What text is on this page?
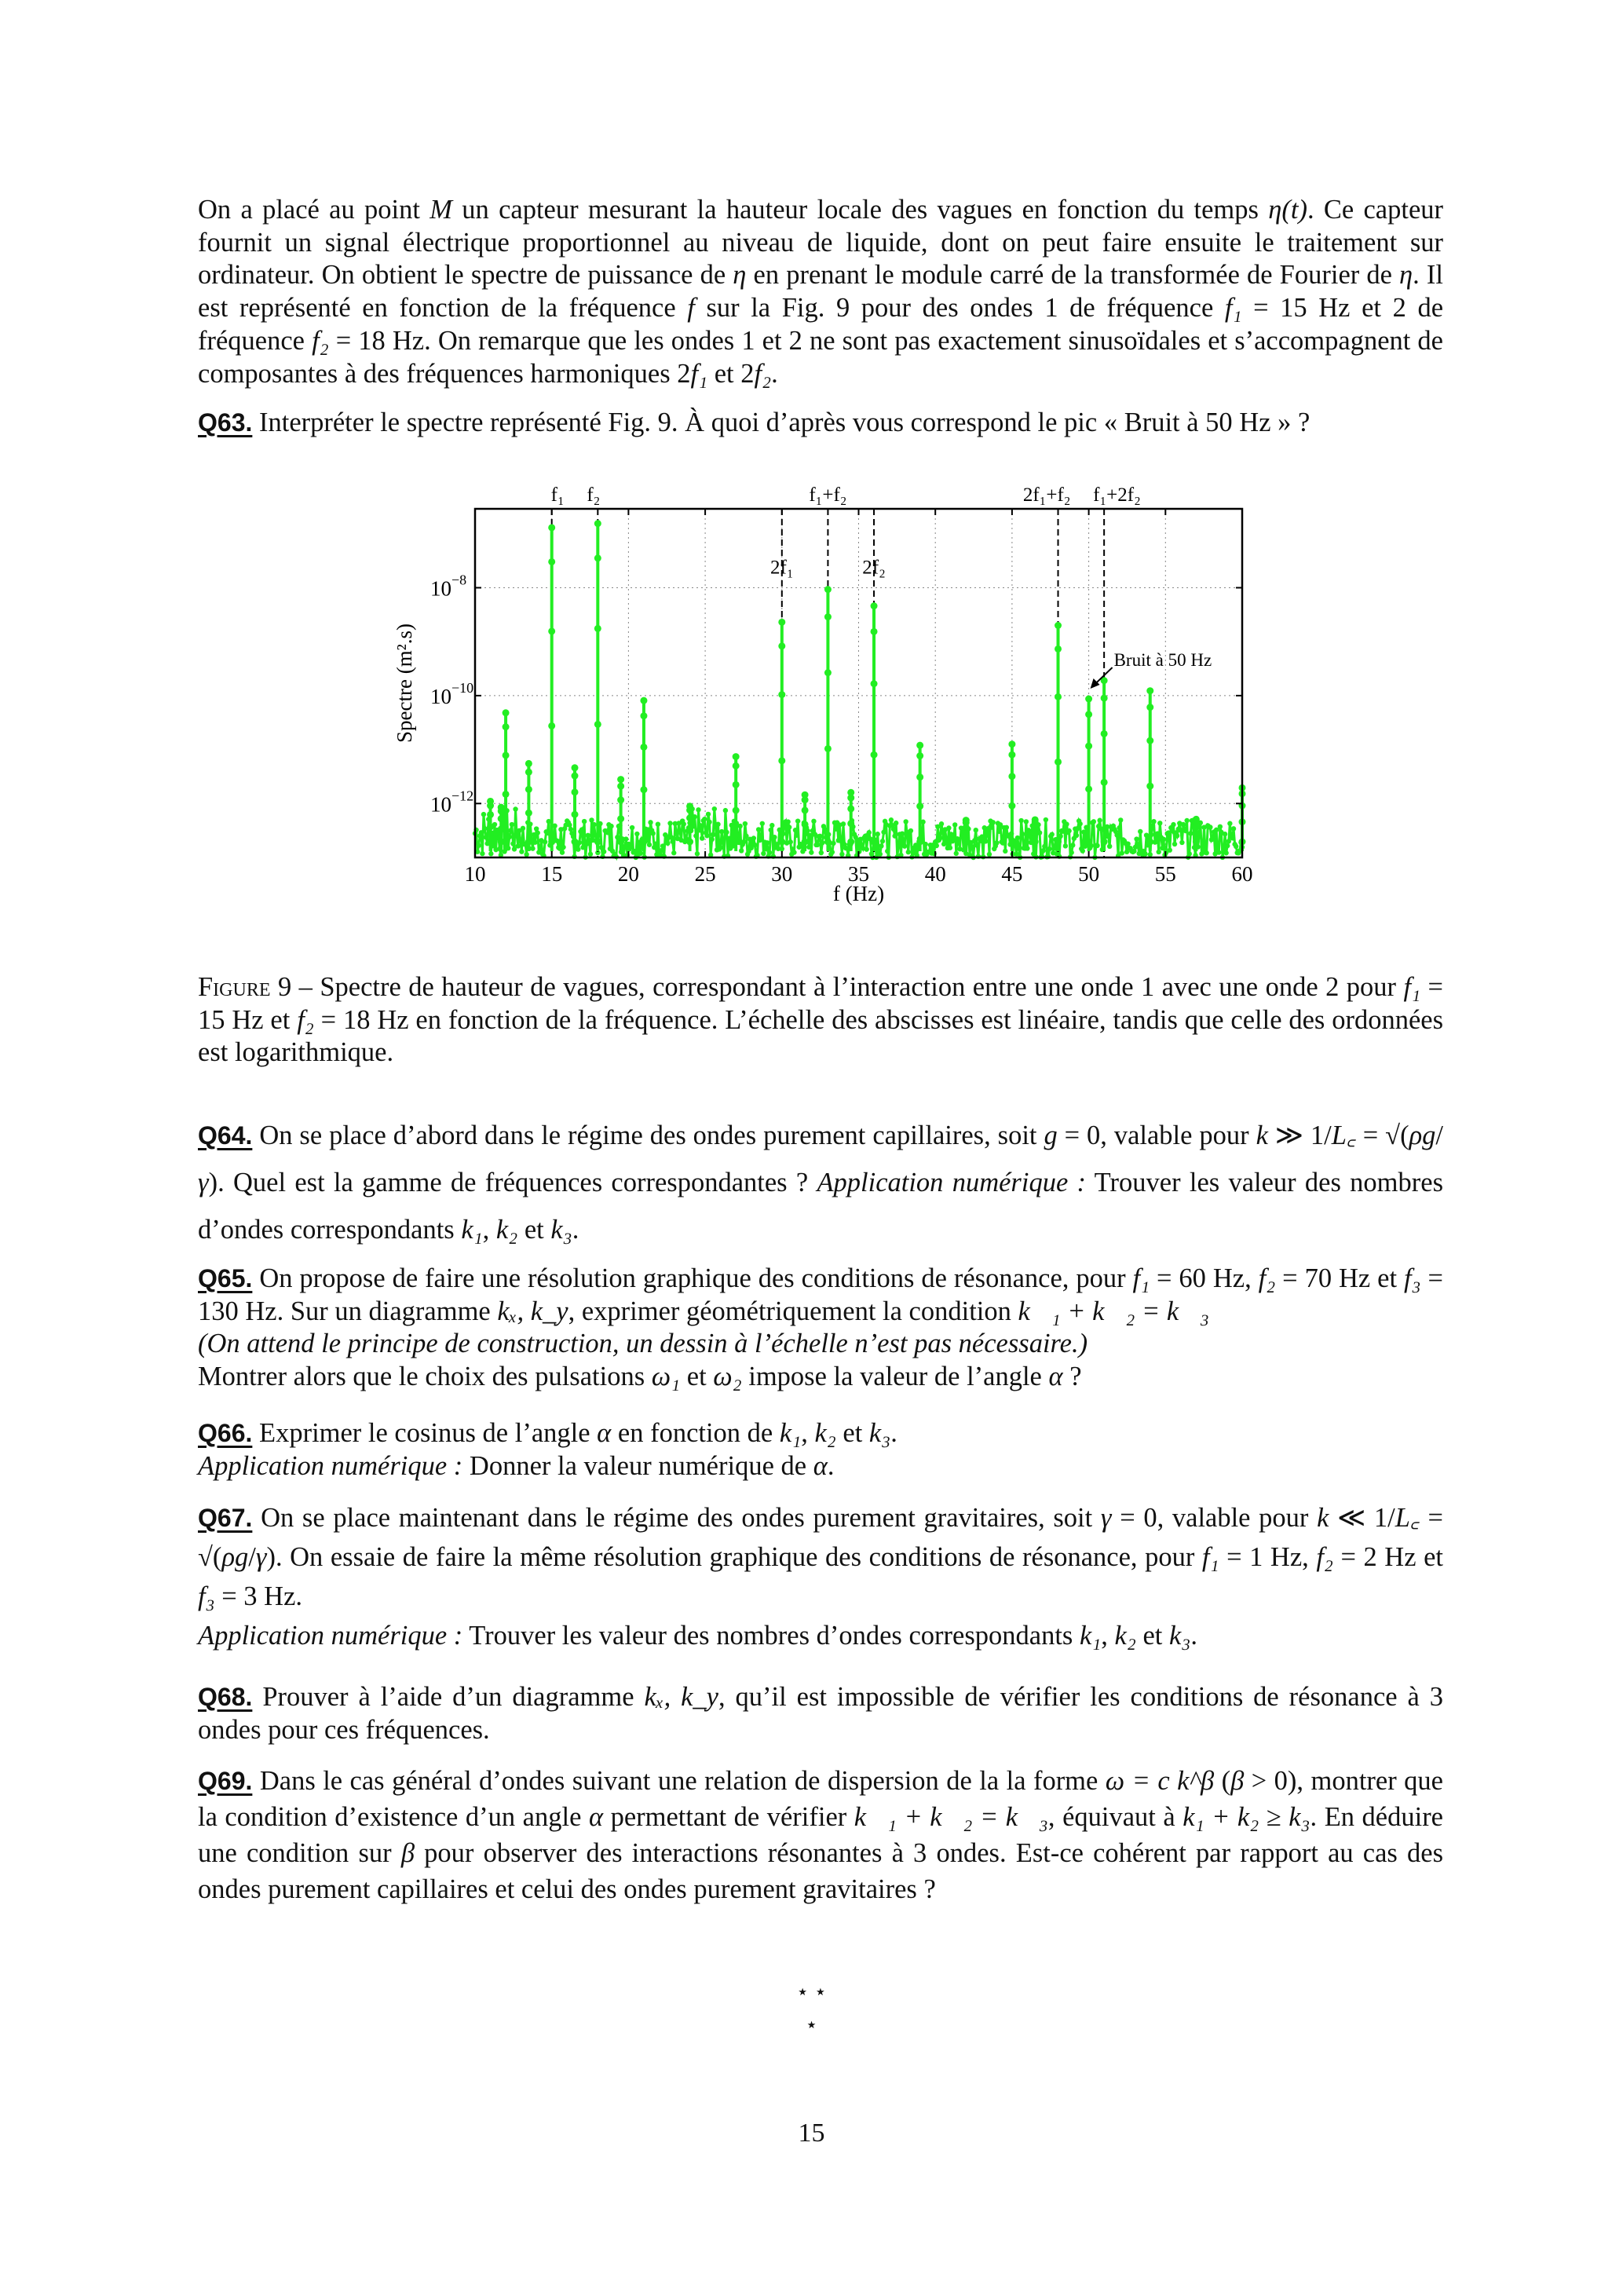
On a placé au point M un capteur mesurant la hauteur locale des vagues en fonction du temps η(t). Ce capteur fournit un signal électrique proportionnel au niveau de liquide, dont on peut faire ensuite le traitement sur ordinateur. On obtient le spectre de puissance de η en prenant le module carré de la transformée de Fourier de η. Il est représenté en fonction de la fréquence f sur la Fig. 9 pour des ondes 1 de fréquence f₁ = 15 Hz et 2 de fréquence f₂ = 18 Hz. On remarque que les ondes 1 et 2 ne sont pas exactement sinusoïdales et s’accompagnent de composantes à des fréquences harmoniques 2f₁ et 2f₂.
Q63. Interpréter le spectre représenté Fig. 9. À quoi d’après vous correspond le pic « Bruit à 50 Hz » ?
10	15	20	25	30	35	40	45	50	55	60
10−8
10−10
10−12
f (Hz)
Spectre (m².s)
f₁ f₂
2f₁
f₁+f₂
2f₂
2f₁+f₂ f₁+2f₂
Bruit à 50 Hz
Figure 9 – Spectre de hauteur de vagues, correspondant à l’interaction entre une onde 1 avec une onde 2 pour f₁ = 15 Hz et f₂ = 18 Hz en fonction de la fréquence. L’échelle des abscisses est linéaire, tandis que celle des ordonnées est logarithmique.
Q64. On se place d’abord dans le régime des ondes purement capillaires, soit g = 0, valable pour k ≫ 1/L꜀ = √(ρg/γ). Quel est la gamme de fréquences correspondantes ? Application numérique : Trouver les valeur des nombres d’ondes correspondants k₁, k₂ et k₃.
Q65. On propose de faire une résolution graphique des conditions de résonance, pour f₁ = 60 Hz, f₂ = 70 Hz et f₃ = 130 Hz. Sur un diagramme kₓ, k_y, exprimer géométriquement la condition k⃗₁ + k⃗₂ = k⃗₃
(On attend le principe de construction, un dessin à l’échelle n’est pas nécessaire.)
Montrer alors que le choix des pulsations ω₁ et ω₂ impose la valeur de l’angle α ?
Q66. Exprimer le cosinus de l’angle α en fonction de k₁, k₂ et k₃.
Application numérique : Donner la valeur numérique de α.
Q67. On se place maintenant dans le régime des ondes purement gravitaires, soit γ = 0, valable pour k ≪ 1/L꜀ = √(ρg/γ). On essaie de faire la même résolution graphique des conditions de résonance, pour f₁ = 1 Hz, f₂ = 2 Hz et f₃ = 3 Hz.
Application numérique : Trouver les valeur des nombres d’ondes correspondants k₁, k₂ et k₃.
Q68. Prouver à l’aide d’un diagramme kₓ, k_y, qu’il est impossible de vérifier les conditions de résonance à 3 ondes pour ces fréquences.
Q69. Dans le cas général d’ondes suivant une relation de dispersion de la la forme ω = c k^β (β > 0), montrer que la condition d’existence d’un angle α permettant de vérifier k⃗₁ + k⃗₂ = k⃗₃, équivaut à k₁ + k₂ ≥ k₃. En déduire une condition sur β pour observer des interactions résonantes à 3 ondes. Est-ce cohérent par rapport au cas des ondes purement capillaires et celui des ondes purement gravitaires ?
⋆ ⋆
⋆
15
